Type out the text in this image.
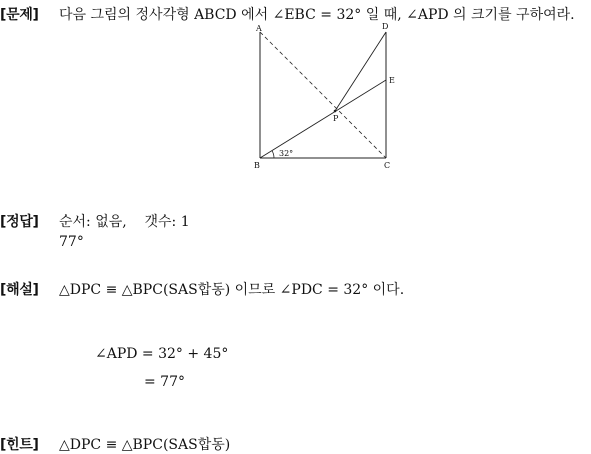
[문제] 다음 그림의 정사각형 ABCD 에서 ∠EBC = 32° 일 때, ∠APD 의 크기를 구하여라.
A	D
E
P
B	C
32°
[정답] 순서: 없음,    갯수: 1
77°
[해설] △DPC ≡ △BPC(SAS합동) 이므로 ∠PDC = 32° 이다.
∠APD = 32° + 45°
= 77°
[힌트] △DPC ≡ △BPC(SAS합동)
